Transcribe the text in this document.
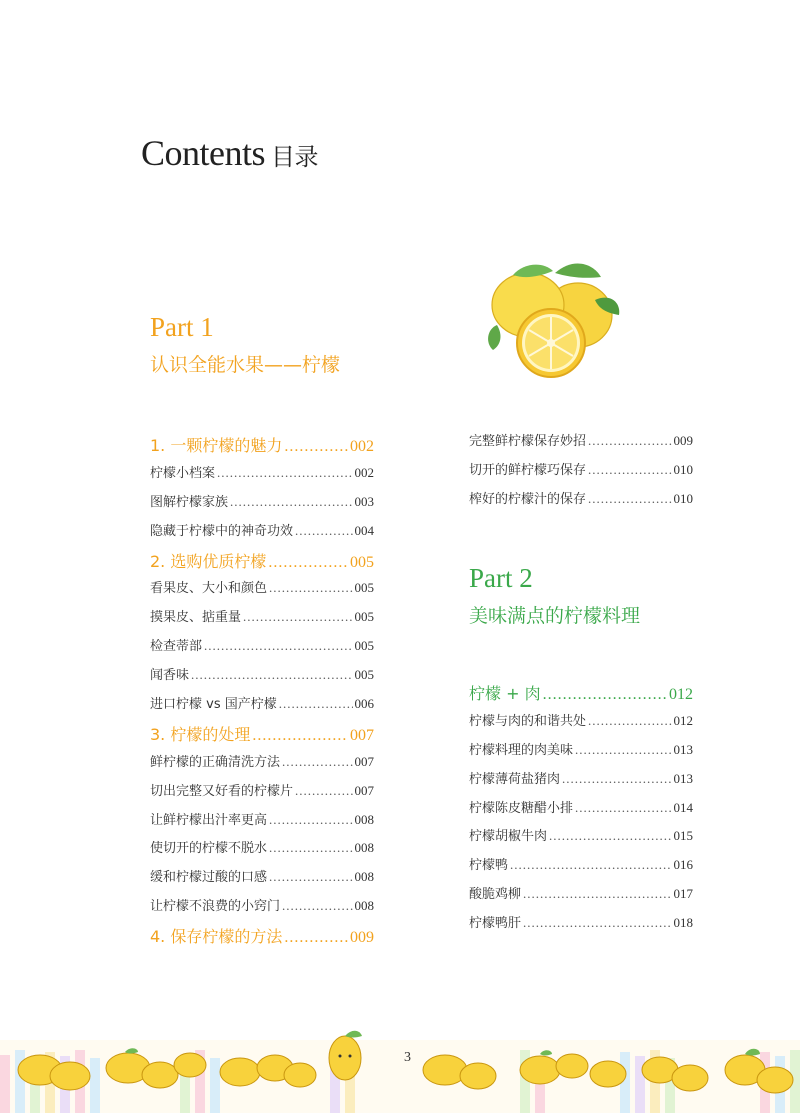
Contents 目录
Part 1
认识全能水果——柠檬
1. 一颗柠檬的魅力 .....	002
柠檬小档案 .....	002
图解柠檬家族 .....	003
隐藏于柠檬中的神奇功效 .....	004
2. 选购优质柠檬 .....	005
看果皮、大小和颜色 .....	005
摸果皮、掂重量 .....	005
检查蒂部 .....	005
闻香味 .....	005
进口柠檬 vs 国产柠檬 .....	006
3. 柠檬的处理 .....	007
鲜柠檬的正确清洗方法 .....	007
切出完整又好看的柠檬片 .....	007
让鲜柠檬出汁率更高 .....	008
使切开的柠檬不脱水 .....	008
缓和柠檬过酸的口感 .....	008
让柠檬不浪费的小窍门 .....	008
4. 保存柠檬的方法 .....	009
完整鲜柠檬保存妙招 .....	009
切开的鲜柠檬巧保存 .....	010
榨好的柠檬汁的保存 .....	010
Part 2
美味满点的柠檬料理
柠檬 + 肉 .....	012
柠檬与肉的和谐共处 .....	012
柠檬料理的肉美味 .....	013
柠檬薄荷盐猪肉 .....	013
柠檬陈皮糖醋小排 .....	014
柠檬胡椒牛肉 .....	015
柠檬鸭 .....	016
酸脆鸡柳 .....	017
柠檬鸭肝 .....	018
3
